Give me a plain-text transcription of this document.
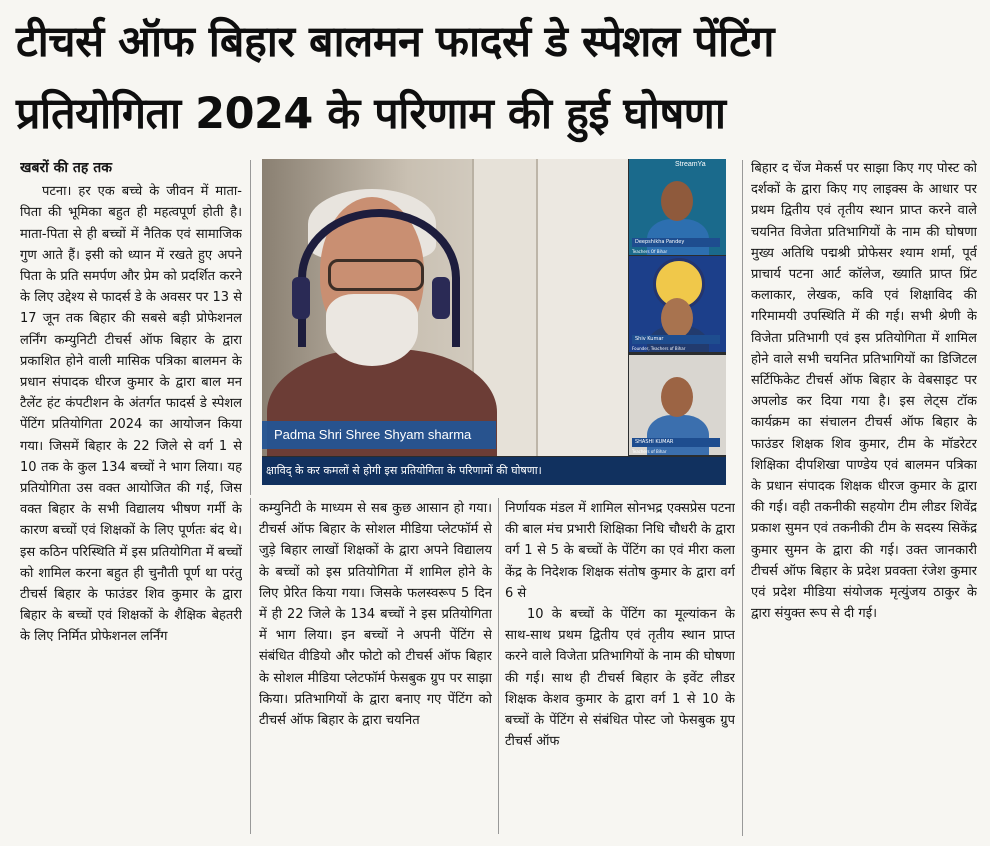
टीचर्स ऑफ बिहार बालमन फादर्स डे स्पेशल पेंटिंग
प्रतियोगिता 2024 के परिणाम की हुई घोषणा

खबरों की तह तक

पटना। हर एक बच्चे के जीवन में माता-पिता की भूमिका बहुत ही महत्वपूर्ण होती है। माता-पिता से ही बच्चों में नैतिक एवं सामाजिक गुण आते हैं। इसी को ध्यान में रखते हुए अपने पिता के प्रति समर्पण और प्रेम को प्रदर्शित करने के लिए उद्देश्य से फादर्स डे के अवसर पर 13 से 17 जून तक बिहार की सबसे बड़ी प्रोफेशनल लर्निंग कम्युनिटी टीचर्स ऑफ बिहार के द्वारा प्रकाशित होने वाली मासिक पत्रिका बालमन के प्रधान संपादक धीरज कुमार के द्वारा बाल मन टैलेंट हंट कंपटीशन के अंतर्गत फादर्स डे स्पेशल पेंटिंग प्रतियोगिता 2024 का आयोजन किया गया। जिसमें बिहार के 22 जिले से वर्ग 1 से 10 तक के कुल 134 बच्चों ने भाग लिया। यह प्रतियोगिता उस वक्त आयोजित की गई, जिस वक्त बिहार के सभी विद्यालय भीषण गर्मी के कारण बच्चों एवं शिक्षकों के लिए पूर्णतः बंद थे। इस कठिन परिस्थिति में इस प्रतियोगिता में बच्चों को शामिल करना बहुत ही चुनौती पूर्ण था परंतु टीचर्स बिहार के फाउंडर शिव कुमार के द्वारा बिहार के बच्चों एवं शिक्षकों के शैक्षिक बेहतरी के लिए निर्मित प्रोफेशनल लर्निंग

Padma Shri Shree Shyam sharma
StreamYa
Deepshikha Pandey
Teachers Of Bihar
Shiv Kumar
Founder, Teachers of Bihar
SHASHI KUMAR
Teachers of Bihar
क्षाविद् के कर कमलों से होगी इस प्रतियोगिता के परिणामों की घोषणा।

कम्युनिटी के माध्यम से सब कुछ आसान हो गया। टीचर्स ऑफ बिहार के सोशल मीडिया प्लेटफॉर्म से जुड़े बिहार लाखों शिक्षकों के द्वारा अपने विद्यालय के बच्चों को इस प्रतियोगिता में शामिल होने के लिए प्रेरित किया गया। जिसके फलस्वरूप 5 दिन में ही 22 जिले के 134 बच्चों ने इस प्रतियोगिता में भाग लिया। इन बच्चों ने अपनी पेंटिंग से संबंधित वीडियो और फोटो को टीचर्स ऑफ बिहार के सोशल मीडिया प्लेटफॉर्म फेसबुक ग्रुप पर साझा किया। प्रतिभागियों के द्वारा बनाए गए पेंटिंग को टीचर्स ऑफ बिहार के द्वारा चयनित

निर्णायक मंडल में शामिल सोनभद्र एक्सप्रेस पटना की बाल मंच प्रभारी शिक्षिका निधि चौधरी के द्वारा वर्ग 1 से 5 के बच्चों के पेंटिंग का एवं मीरा कला केंद्र के निदेशक शिक्षक संतोष कुमार के द्वारा वर्ग 6 से

10 के बच्चों के पेंटिंग का मूल्यांकन के साथ-साथ प्रथम द्वितीय एवं तृतीय स्थान प्राप्त करने वाले विजेता प्रतिभागियों के नाम की घोषणा की गई। साथ ही टीचर्स बिहार के इवेंट लीडर शिक्षक केशव कुमार के द्वारा वर्ग 1 से 10 के बच्चों के पेंटिंग से संबंधित पोस्ट जो फेसबुक ग्रुप टीचर्स ऑफ

बिहार द चेंज मेकर्स पर साझा किए गए पोस्ट को दर्शकों के द्वारा किए गए लाइक्स के आधार पर प्रथम द्वितीय एवं तृतीय स्थान प्राप्त करने वाले चयनित विजेता प्रतिभागियों के नाम की घोषणा मुख्य अतिथि पद्मश्री प्रोफेसर श्याम शर्मा, पूर्व प्राचार्य पटना आर्ट कॉलेज, ख्याति प्राप्त प्रिंट कलाकार, लेखक, कवि एवं शिक्षाविद की गरिमामयी उपस्थिति में की गई। सभी श्रेणी के विजेता प्रतिभागी एवं इस प्रतियोगिता में शामिल होने वाले सभी चयनित प्रतिभागियों का डिजिटल सर्टिफिकेट टीचर्स ऑफ बिहार के वेबसाइट पर अपलोड कर दिया गया है। इस लेट्स टॉक कार्यक्रम का संचालन टीचर्स ऑफ बिहार के फाउंडर शिक्षक शिव कुमार, टीम के मॉडरेटर शिक्षिका दीपशिखा पाण्डेय एवं बालमन पत्रिका के प्रधान संपादक शिक्षक धीरज कुमार के द्वारा की गई। वही तकनीकी सहयोग टीम लीडर शिवेंद्र प्रकाश सुमन एवं तकनीकी टीम के सदस्य सिकेंद्र कुमार सुमन के द्वारा की गई। उक्त जानकारी टीचर्स ऑफ बिहार के प्रदेश प्रवक्ता रंजेश कुमार एवं प्रदेश मीडिया संयोजक मृत्युंजय ठाकुर के द्वारा संयुक्त रूप से दी गई।
